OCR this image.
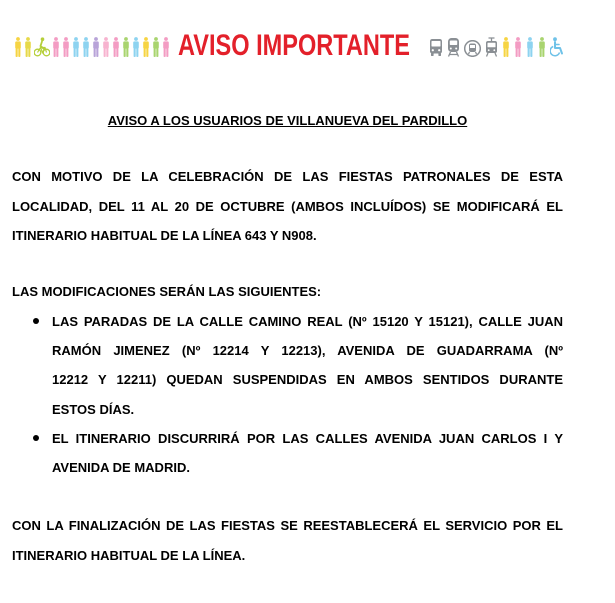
AVISO IMPORTANTE
AVISO A LOS USUARIOS DE VILLANUEVA DEL PARDILLO
CON MOTIVO DE LA CELEBRACIÓN DE LAS FIESTAS PATRONALES DE ESTA
LOCALIDAD, DEL 11 AL 20 DE OCTUBRE (AMBOS INCLUÍDOS) SE MODIFICARÁ EL
ITINERARIO HABITUAL DE LA LÍNEA 643 Y N908.
LAS MODIFICACIONES SERÁN LAS SIGUIENTES:
LAS PARADAS DE LA CALLE CAMINO REAL (Nº 15120 Y 15121), CALLE JUAN
RAMÓN JIMENEZ (Nº 12214 Y 12213), AVENIDA DE GUADARRAMA (Nº
12212 Y 12211) QUEDAN SUSPENDIDAS EN AMBOS SENTIDOS DURANTE
ESTOS DÍAS.
EL ITINERARIO DISCURRIRÁ POR LAS CALLES AVENIDA JUAN CARLOS I Y
AVENIDA DE MADRID.
CON LA FINALIZACIÓN DE LAS FIESTAS SE REESTABLECERÁ EL SERVICIO POR EL
ITINERARIO HABITUAL DE LA LÍNEA.
